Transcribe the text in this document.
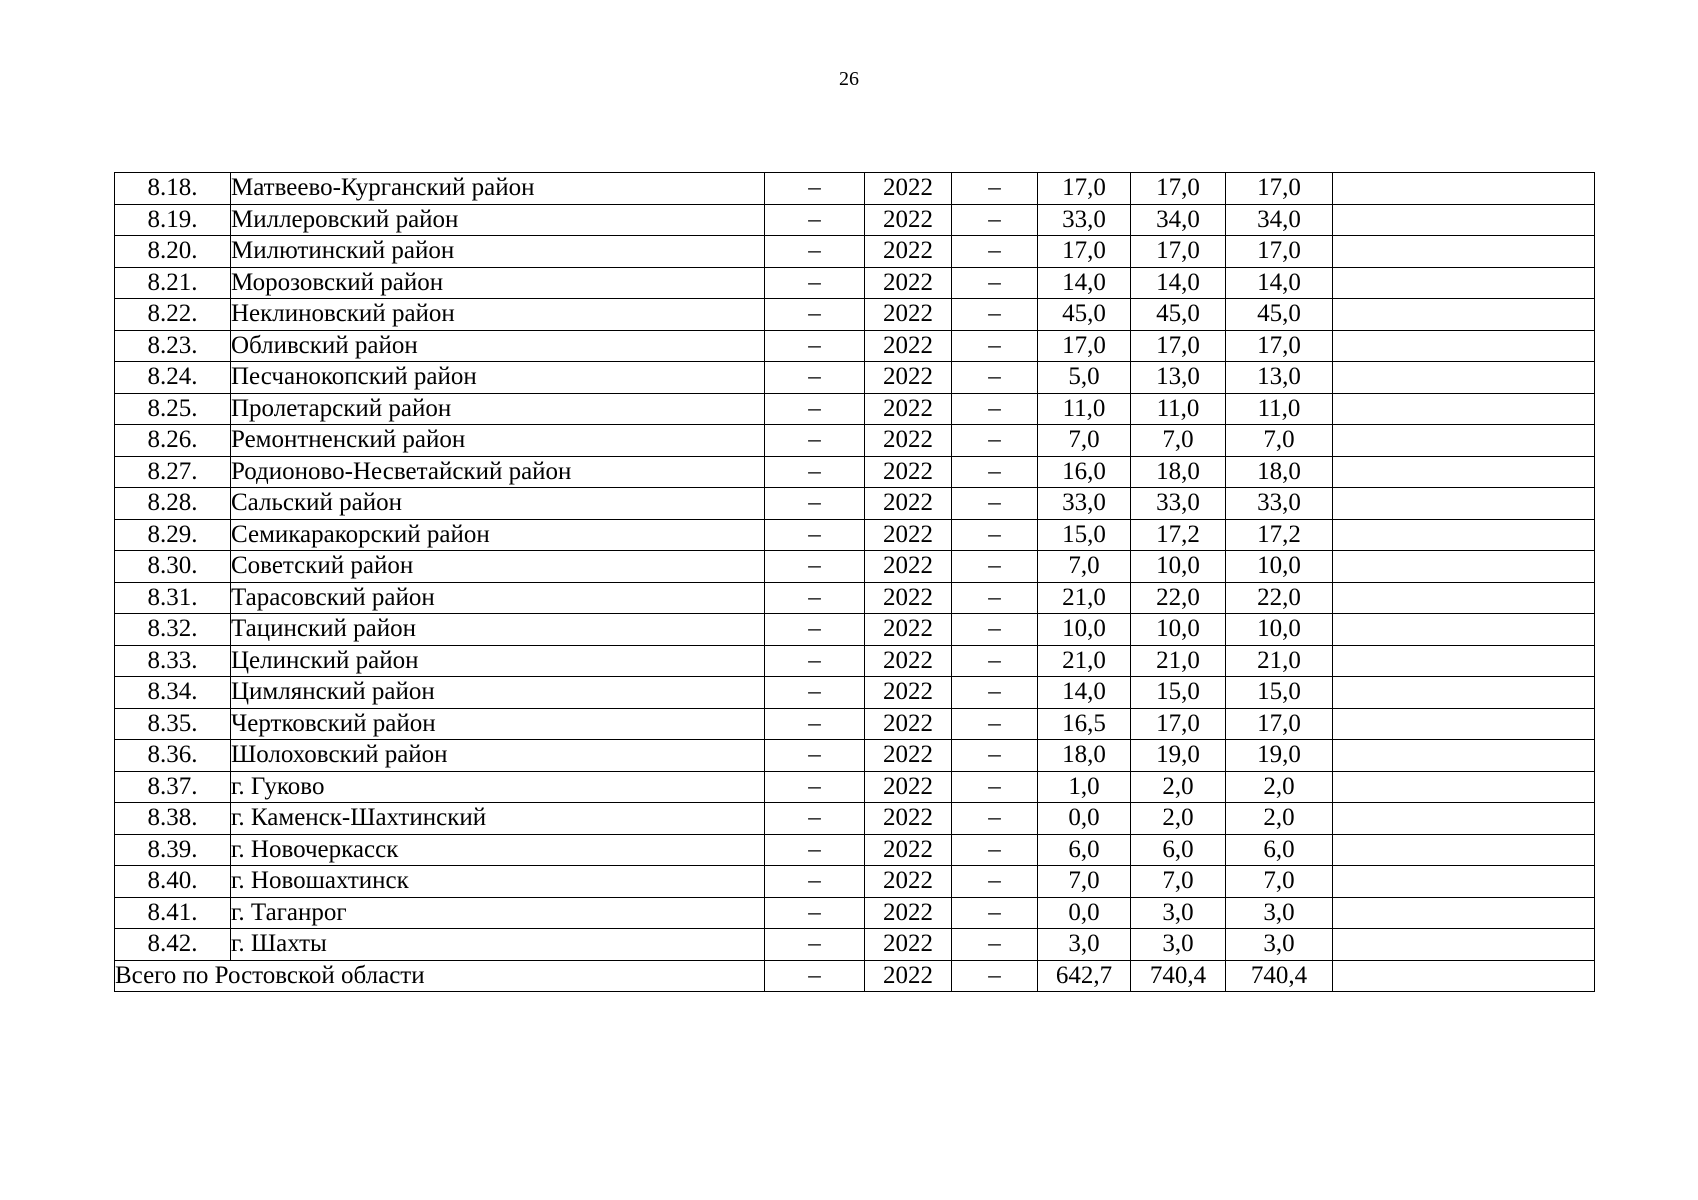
26
8.18.	Матвеево-Курганский район	–	2022	–	17,0	17,0	17,0	
8.19.	Миллеровский район	–	2022	–	33,0	34,0	34,0	
8.20.	Милютинский район	–	2022	–	17,0	17,0	17,0	
8.21.	Морозовский район	–	2022	–	14,0	14,0	14,0	
8.22.	Неклиновский район	–	2022	–	45,0	45,0	45,0	
8.23.	Обливский район	–	2022	–	17,0	17,0	17,0	
8.24.	Песчанокопский район	–	2022	–	5,0	13,0	13,0	
8.25.	Пролетарский район	–	2022	–	11,0	11,0	11,0	
8.26.	Ремонтненский район	–	2022	–	7,0	7,0	7,0	
8.27.	Родионово-Несветайский район	–	2022	–	16,0	18,0	18,0	
8.28.	Сальский район	–	2022	–	33,0	33,0	33,0	
8.29.	Семикаракорский район	–	2022	–	15,0	17,2	17,2	
8.30.	Советский район	–	2022	–	7,0	10,0	10,0	
8.31.	Тарасовский район	–	2022	–	21,0	22,0	22,0	
8.32.	Тацинский район	–	2022	–	10,0	10,0	10,0	
8.33.	Целинский район	–	2022	–	21,0	21,0	21,0	
8.34.	Цимлянский район	–	2022	–	14,0	15,0	15,0	
8.35.	Чертковский район	–	2022	–	16,5	17,0	17,0	
8.36.	Шолоховский район	–	2022	–	18,0	19,0	19,0	
8.37.	г. Гуково	–	2022	–	1,0	2,0	2,0	
8.38.	г. Каменск-Шахтинский	–	2022	–	0,0	2,0	2,0	
8.39.	г. Новочеркасск	–	2022	–	6,0	6,0	6,0	
8.40.	г. Новошахтинск	–	2022	–	7,0	7,0	7,0	
8.41.	г. Таганрог	–	2022	–	0,0	3,0	3,0	
8.42.	г. Шахты	–	2022	–	3,0	3,0	3,0	
Всего по Ростовской области		–	2022	–	642,7	740,4	740,4	
